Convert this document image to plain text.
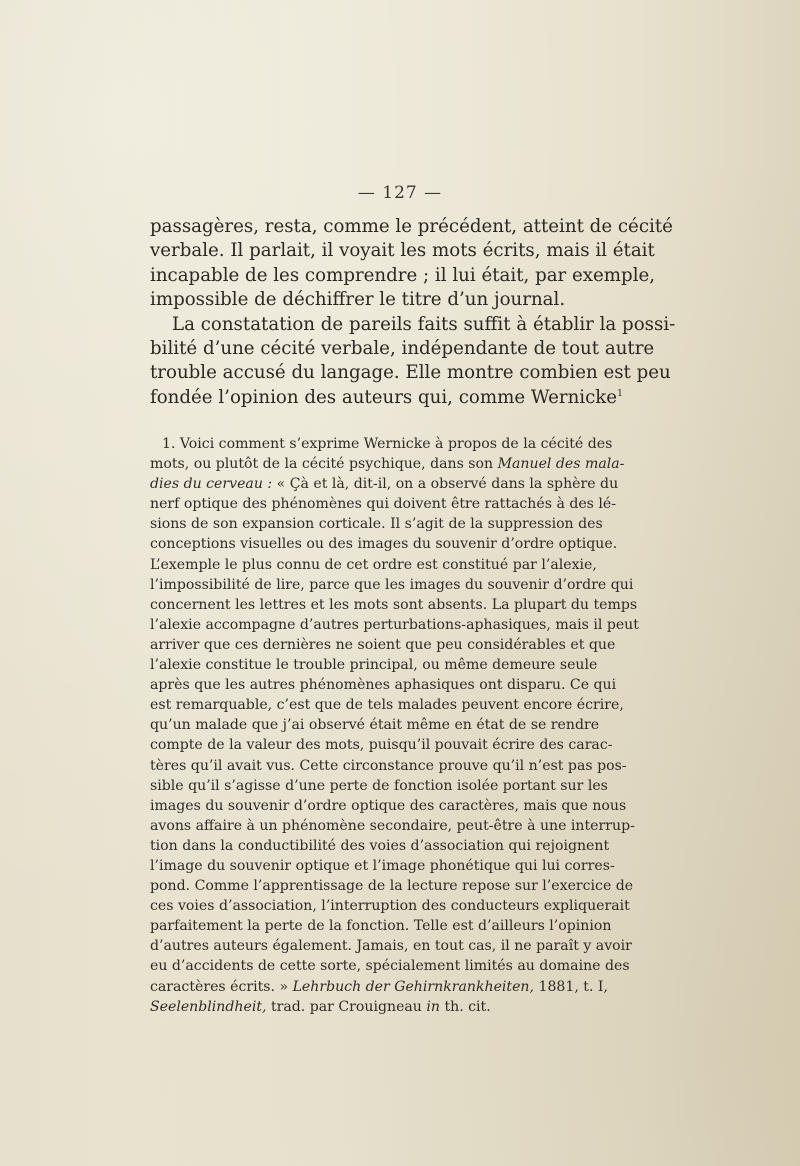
— 127 —
passagères, resta, comme le précédent, atteint de cécité
verbale. Il parlait, il voyait les mots écrits, mais il était
incapable de les comprendre ; il lui était, par exemple,
impossible de déchiffrer le titre d’un journal.
La constatation de pareils faits suffit à établir la possi-
bilité d’une cécité verbale, indépendante de tout autre
trouble accusé du langage. Elle montre combien est peu
fondée l’opinion des auteurs qui, comme Wernicke$^1$
1. Voici comment s’exprime Wernicke à propos de la cécité des
mots, ou plutôt de la cécité psychique, dans son Manuel des mala-
dies du cerveau : « Çà et là, dit-il, on a observé dans la sphère du
nerf optique des phénomènes qui doivent être rattachés à des lé-
sions de son expansion corticale. Il s’agit de la suppression des
conceptions visuelles ou des images du souvenir d’ordre optique.
L’exemple le plus connu de cet ordre est constitué par l’alexie,
l’impossibilité de lire, parce que les images du souvenir d’ordre qui
concernent les lettres et les mots sont absents. La plupart du temps
l’alexie accompagne d’autres perturbations-aphasiques, mais il peut
arriver que ces dernières ne soient que peu considérables et que
l’alexie constitue le trouble principal, ou même demeure seule
après que les autres phénomènes aphasiques ont disparu. Ce qui
est remarquable, c’est que de tels malades peuvent encore écrire,
qu’un malade que j’ai observé était même en état de se rendre
compte de la valeur des mots, puisqu’il pouvait écrire des carac-
tères qu’il avait vus. Cette circonstance prouve qu’il n’est pas pos-
sible qu’il s’agisse d’une perte de fonction isolée portant sur les
images du souvenir d’ordre optique des caractères, mais que nous
avons affaire à un phénomène secondaire, peut-être à une interrup-
tion dans la conductibilité des voies d’association qui rejoignent
l’image du souvenir optique et l’image phonétique qui lui corres-
pond. Comme l’apprentissage de la lecture repose sur l’exercice de
ces voies d’association, l’interruption des conducteurs expliquerait
parfaitement la perte de la fonction. Telle est d’ailleurs l’opinion
d’autres auteurs également. Jamais, en tout cas, il ne paraît y avoir
eu d’accidents de cette sorte, spécialement limités au domaine des
caractères écrits. » Lehrbuch der Gehirnkrankheiten, 1881, t. I,
Seelenblindheit, trad. par Crouigneau in th. cit.
